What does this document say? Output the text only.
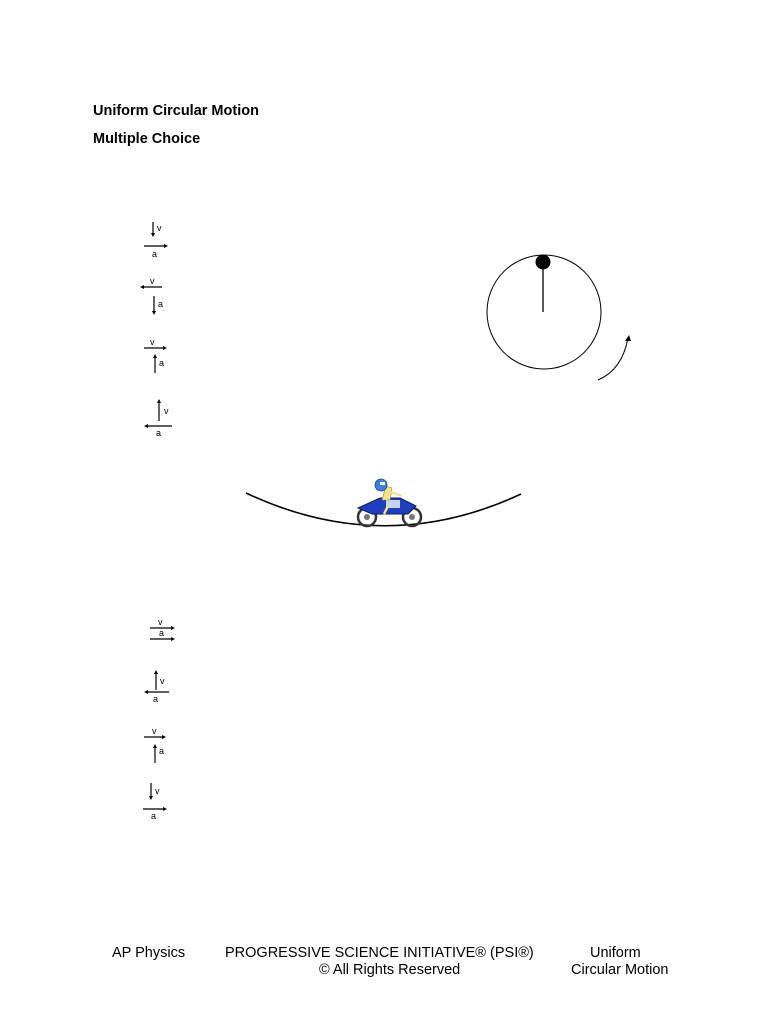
Uniform Circular Motion
Multiple Choice
v
a
v
a
v
a
v
a
v
a
v
a
v
a
v
a
AP Physics	PROGRESSIVE SCIENCE INITIATIVE® (PSI®)
© All Rights Reserved
Uniform
Circular Motion
